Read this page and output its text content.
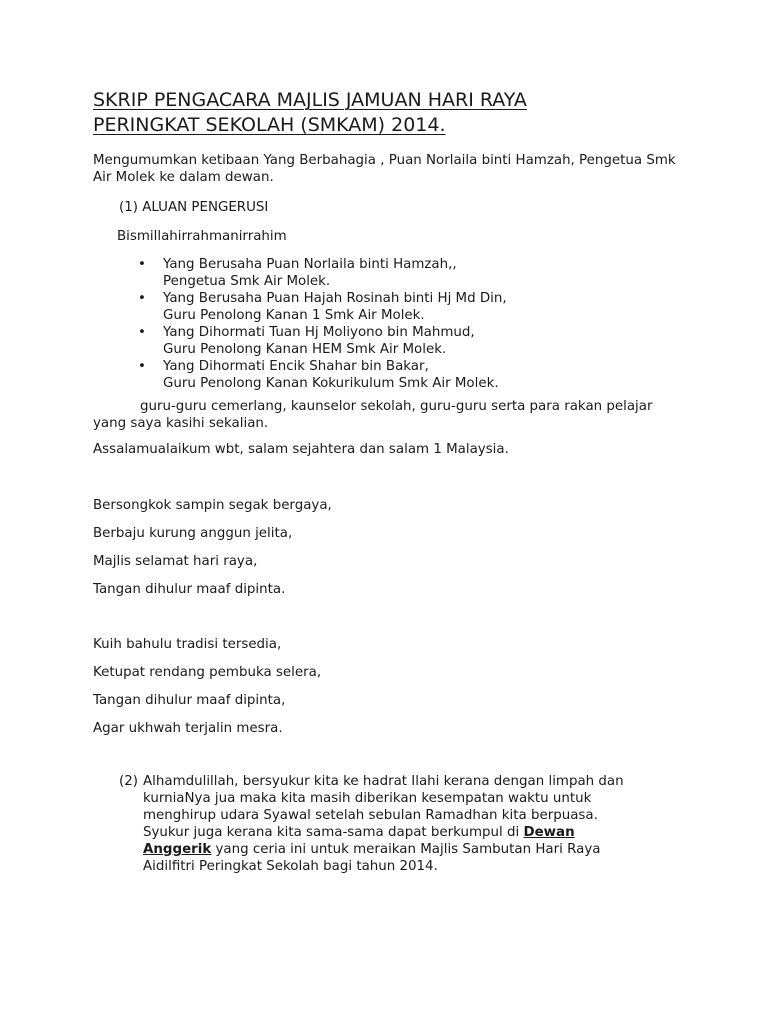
SKRIP PENGACARA MAJLIS JAMUAN HARI RAYA
PERINGKAT SEKOLAH (SMKAM) 2014.

Mengumumkan ketibaan Yang Berbahagia , Puan Norlaila binti Hamzah, Pengetua Smk Air Molek ke dalam dewan.

(1) ALUAN PENGERUSI
Bismillahirrahmanirrahim
• Yang Berusaha Puan Norlaila binti Hamzah,,
Pengetua Smk Air Molek.
• Yang Berusaha Puan Hajah Rosinah binti Hj Md Din,
Guru Penolong Kanan 1 Smk Air Molek.
• Yang Dihormati Tuan Hj Moliyono bin Mahmud,
Guru Penolong Kanan HEM Smk Air Molek.
• Yang Dihormati Encik Shahar bin Bakar,
Guru Penolong Kanan Kokurikulum Smk Air Molek.

guru-guru cemerlang, kaunselor sekolah, guru-guru serta para rakan pelajar yang saya kasihi sekalian.

Assalamualaikum wbt, salam sejahtera dan salam 1 Malaysia.
Bersongkok sampin segak bergaya,
Berbaju kurung anggun jelita,
Majlis selamat hari raya,
Tangan dihulur maaf dipinta.
Kuih bahulu tradisi tersedia,
Ketupat rendang pembuka selera,
Tangan dihulur maaf dipinta,
Agar ukhwah terjalin mesra.
(2) Alhamdulillah, bersyukur kita ke hadrat Ilahi kerana dengan limpah dan
kurniaNya jua maka kita masih diberikan kesempatan waktu untuk
menghirup udara Syawal setelah sebulan Ramadhan kita berpuasa.
Syukur juga kerana kita sama-sama dapat berkumpul di Dewan
Anggerik yang ceria ini untuk meraikan Majlis Sambutan Hari Raya
Aidilfitri Peringkat Sekolah bagi tahun 2014.
